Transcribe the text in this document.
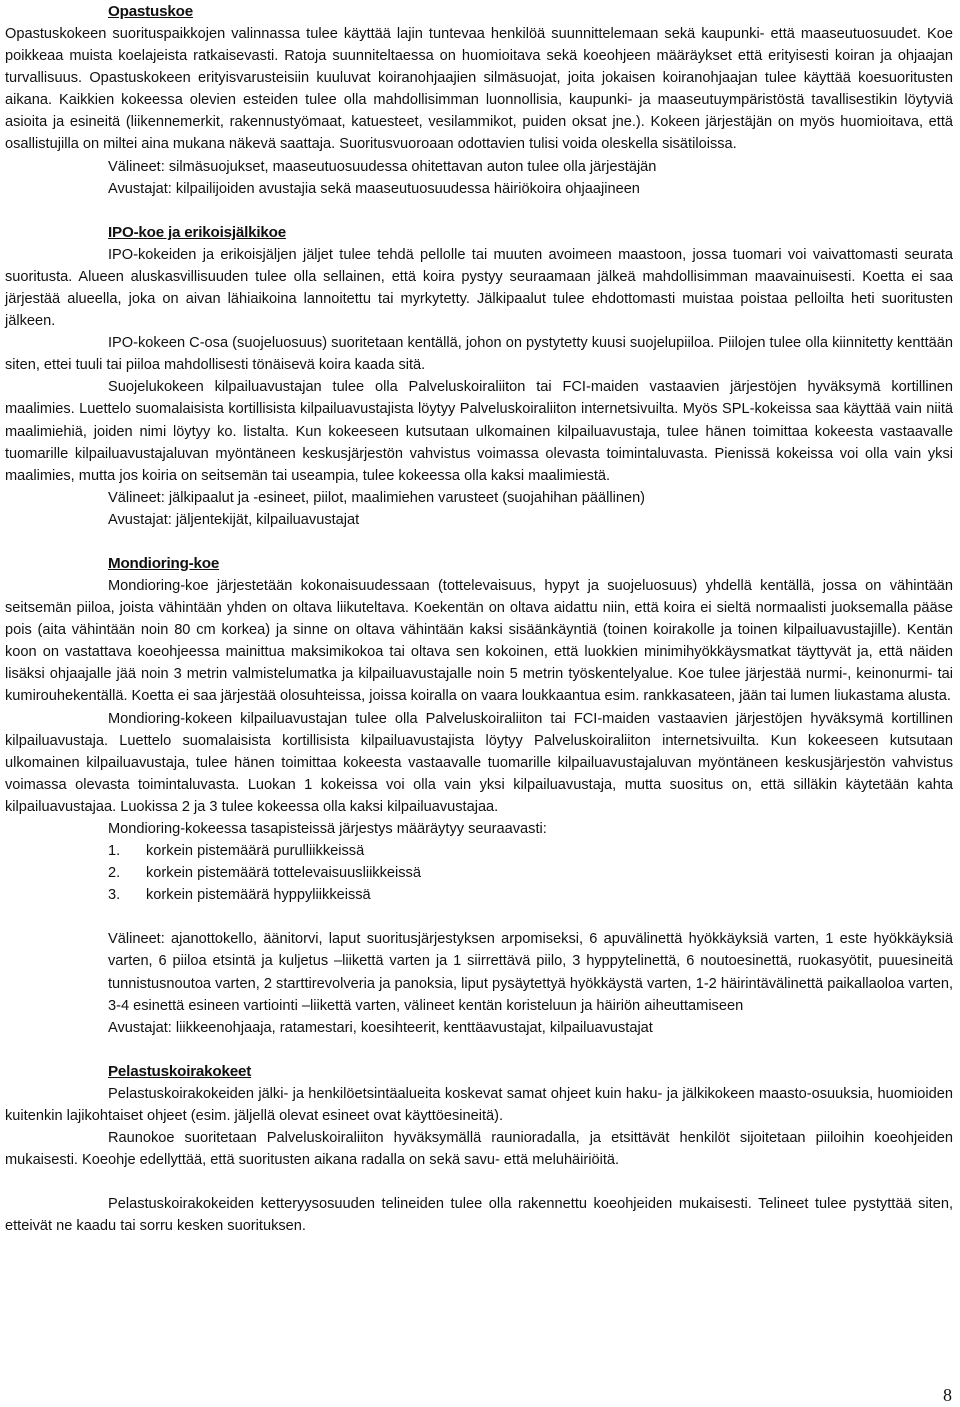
Opastuskoe

Opastuskokeen suorituspaikkojen valinnassa tulee käyttää lajin tuntevaa henkilöä suunnittelemaan sekä kaupunki- että maaseutuosuudet. Koe poikkeaa muista koelajeista ratkaisevasti. Ratoja suunniteltaessa on huomioitava sekä koeohjeen määräykset että erityisesti koiran ja ohjaajan turvallisuus. Opastuskokeen erityisvarusteisiin kuuluvat koiranohjaajien silmäsuojat, joita jokaisen koiranohjaajan tulee käyttää koesuoritusten aikana. Kaikkien kokeessa olevien esteiden tulee olla mahdollisimman luonnollisia, kaupunki- ja maaseutuympäristöstä tavallisestikin löytyviä asioita ja esineitä (liikennemerkit, rakennustyömaat, katuesteet, vesilammikot, puiden oksat jne.). Kokeen järjestäjän on myös huomioitava, että osallistujilla on miltei aina mukana näkevä saattaja. Suoritusvuoroaan odottavien tulisi voida oleskella sisätiloissa.

Välineet: silmäsuojukset, maaseutuosuudessa ohitettavan auton tulee olla järjestäjän

Avustajat: kilpailijoiden avustajia sekä maaseutuosuudessa häiriökoira ohjaajineen

IPO-koe ja erikoisjälkikoe

IPO-kokeiden ja erikoisjäljen jäljet tulee tehdä pellolle tai muuten avoimeen maastoon, jossa tuomari voi vaivattomasti seurata suoritusta. Alueen aluskasvillisuuden tulee olla sellainen, että koira pystyy seuraamaan jälkeä mahdollisimman maavainuisesti. Koetta ei saa järjestää alueella, joka on aivan lähiaikoina lannoitettu tai myrkytetty. Jälkipaalut tulee ehdottomasti muistaa poistaa pelloilta heti suoritusten jälkeen.

IPO-kokeen C-osa (suojeluosuus) suoritetaan kentällä, johon on pystytetty kuusi suojelupiiloa. Piilojen tulee olla kiinnitetty kenttään siten, ettei tuuli tai piiloa mahdollisesti tönäisevä koira kaada sitä.

Suojelukokeen kilpailuavustajan tulee olla Palveluskoiraliiton tai FCI-maiden vastaavien järjestöjen hyväksymä kortillinen maalimies. Luettelo suomalaisista kortillisista kilpailuavustajista löytyy Palveluskoiraliiton internetsivuilta. Myös SPL-kokeissa saa käyttää vain niitä maalimiehiä, joiden nimi löytyy ko. listalta. Kun kokeeseen kutsutaan ulkomainen kilpailuavustaja, tulee hänen toimittaa kokeesta vastaavalle tuomarille kilpailuavustajaluvan myöntäneen keskusjärjestön vahvistus voimassa olevasta toimintaluvasta. Pienissä kokeissa voi olla vain yksi maalimies, mutta jos koiria on seitsemän tai useampia, tulee kokeessa olla kaksi maalimiestä.

Välineet: jälkipaalut ja -esineet, piilot, maalimiehen varusteet (suojahihan päällinen)

Avustajat: jäljentekijät, kilpailuavustajat

Mondioring-koe

Mondioring-koe järjestetään kokonaisuudessaan (tottelevaisuus, hypyt ja suojeluosuus) yhdellä kentällä, jossa on vähintään seitsemän piiloa, joista vähintään yhden on oltava liikuteltava. Koekentän on oltava aidattu niin, että koira ei sieltä normaalisti juoksemalla pääse pois (aita vähintään noin 80 cm korkea) ja sinne on oltava vähintään kaksi sisäänkäyntiä (toinen koirakolle ja toinen kilpailuavustajille). Kentän koon on vastattava koeohjeessa mainittua maksimikokoa tai oltava sen kokoinen, että luokkien minimihyökkäysmatkat täyttyvät ja, että näiden lisäksi ohjaajalle jää noin 3 metrin valmistelumatka ja kilpailuavustajalle noin 5 metrin työskentelyalue. Koe tulee järjestää nurmi-, keinonurmi- tai kumirouhekentällä. Koetta ei saa järjestää olosuhteissa, joissa koiralla on vaara loukkaantua esim. rankkasateen, jään tai lumen liukastama alusta.

Mondioring-kokeen kilpailuavustajan tulee olla Palveluskoiraliiton tai FCI-maiden vastaavien järjestöjen hyväksymä kortillinen kilpailuavustaja. Luettelo suomalaisista kortillisista kilpailuavustajista löytyy Palveluskoiraliiton internetsivuilta. Kun kokeeseen kutsutaan ulkomainen kilpailuavustaja, tulee hänen toimittaa kokeesta vastaavalle tuomarille kilpailuavustajaluvan myöntäneen keskusjärjestön vahvistus voimassa olevasta toimintaluvasta. Luokan 1 kokeissa voi olla vain yksi kilpailuavustaja, mutta suositus on, että silläkin käytetään kahta kilpailuavustajaa. Luokissa 2 ja 3 tulee kokeessa olla kaksi kilpailuavustajaa.

Mondioring-kokeessa tasapisteissä järjestys määräytyy seuraavasti:

1.	korkein pistemäärä purulliikkeissä
2.	korkein pistemäärä tottelevaisuusliikkeissä
3.	korkein pistemäärä hyppyliikkeissä

Välineet: ajanottokello, äänitorvi, laput suoritusjärjestyksen arpomiseksi, 6 apuvälinettä hyökkäyksiä varten, 1 este hyökkäyksiä varten, 6 piiloa etsintä ja kuljetus –liikettä varten ja 1 siirrettävä piilo, 3 hyppytelinettä, 6 noutoesinettä, ruokasyötit, puuesineitä tunnistusnoutoa varten, 2 starttirevolveria ja panoksia, liput pysäytettyä hyökkäystä varten, 1-2 häirintävälinettä paikallaoloa varten, 3-4 esinettä esineen vartiointi –liikettä varten, välineet kentän koristeluun ja häiriön aiheuttamiseen

Avustajat: liikkeenohjaaja, ratamestari, koesihteerit, kenttäavustajat, kilpailuavustajat

Pelastuskoirakokeet

Pelastuskoirakokeiden jälki- ja henkilöetsintäalueita koskevat samat ohjeet kuin haku- ja jälkikokeen maasto-osuuksia, huomioiden kuitenkin lajikohtaiset ohjeet (esim. jäljellä olevat esineet ovat käyttöesineitä).

Raunokoe suoritetaan Palveluskoiraliiton hyväksymällä raunioradalla, ja etsittävät henkilöt sijoitetaan piiloihin koeohjeiden mukaisesti. Koeohje edellyttää, että suoritusten aikana radalla on sekä savu- että meluhäiriöitä.

Pelastuskoirakokeiden ketteryysosuuden telineiden tulee olla rakennettu koeohjeiden mukaisesti. Telineet tulee pystyttää siten, etteivät ne kaadu tai sorru kesken suorituksen.

8
